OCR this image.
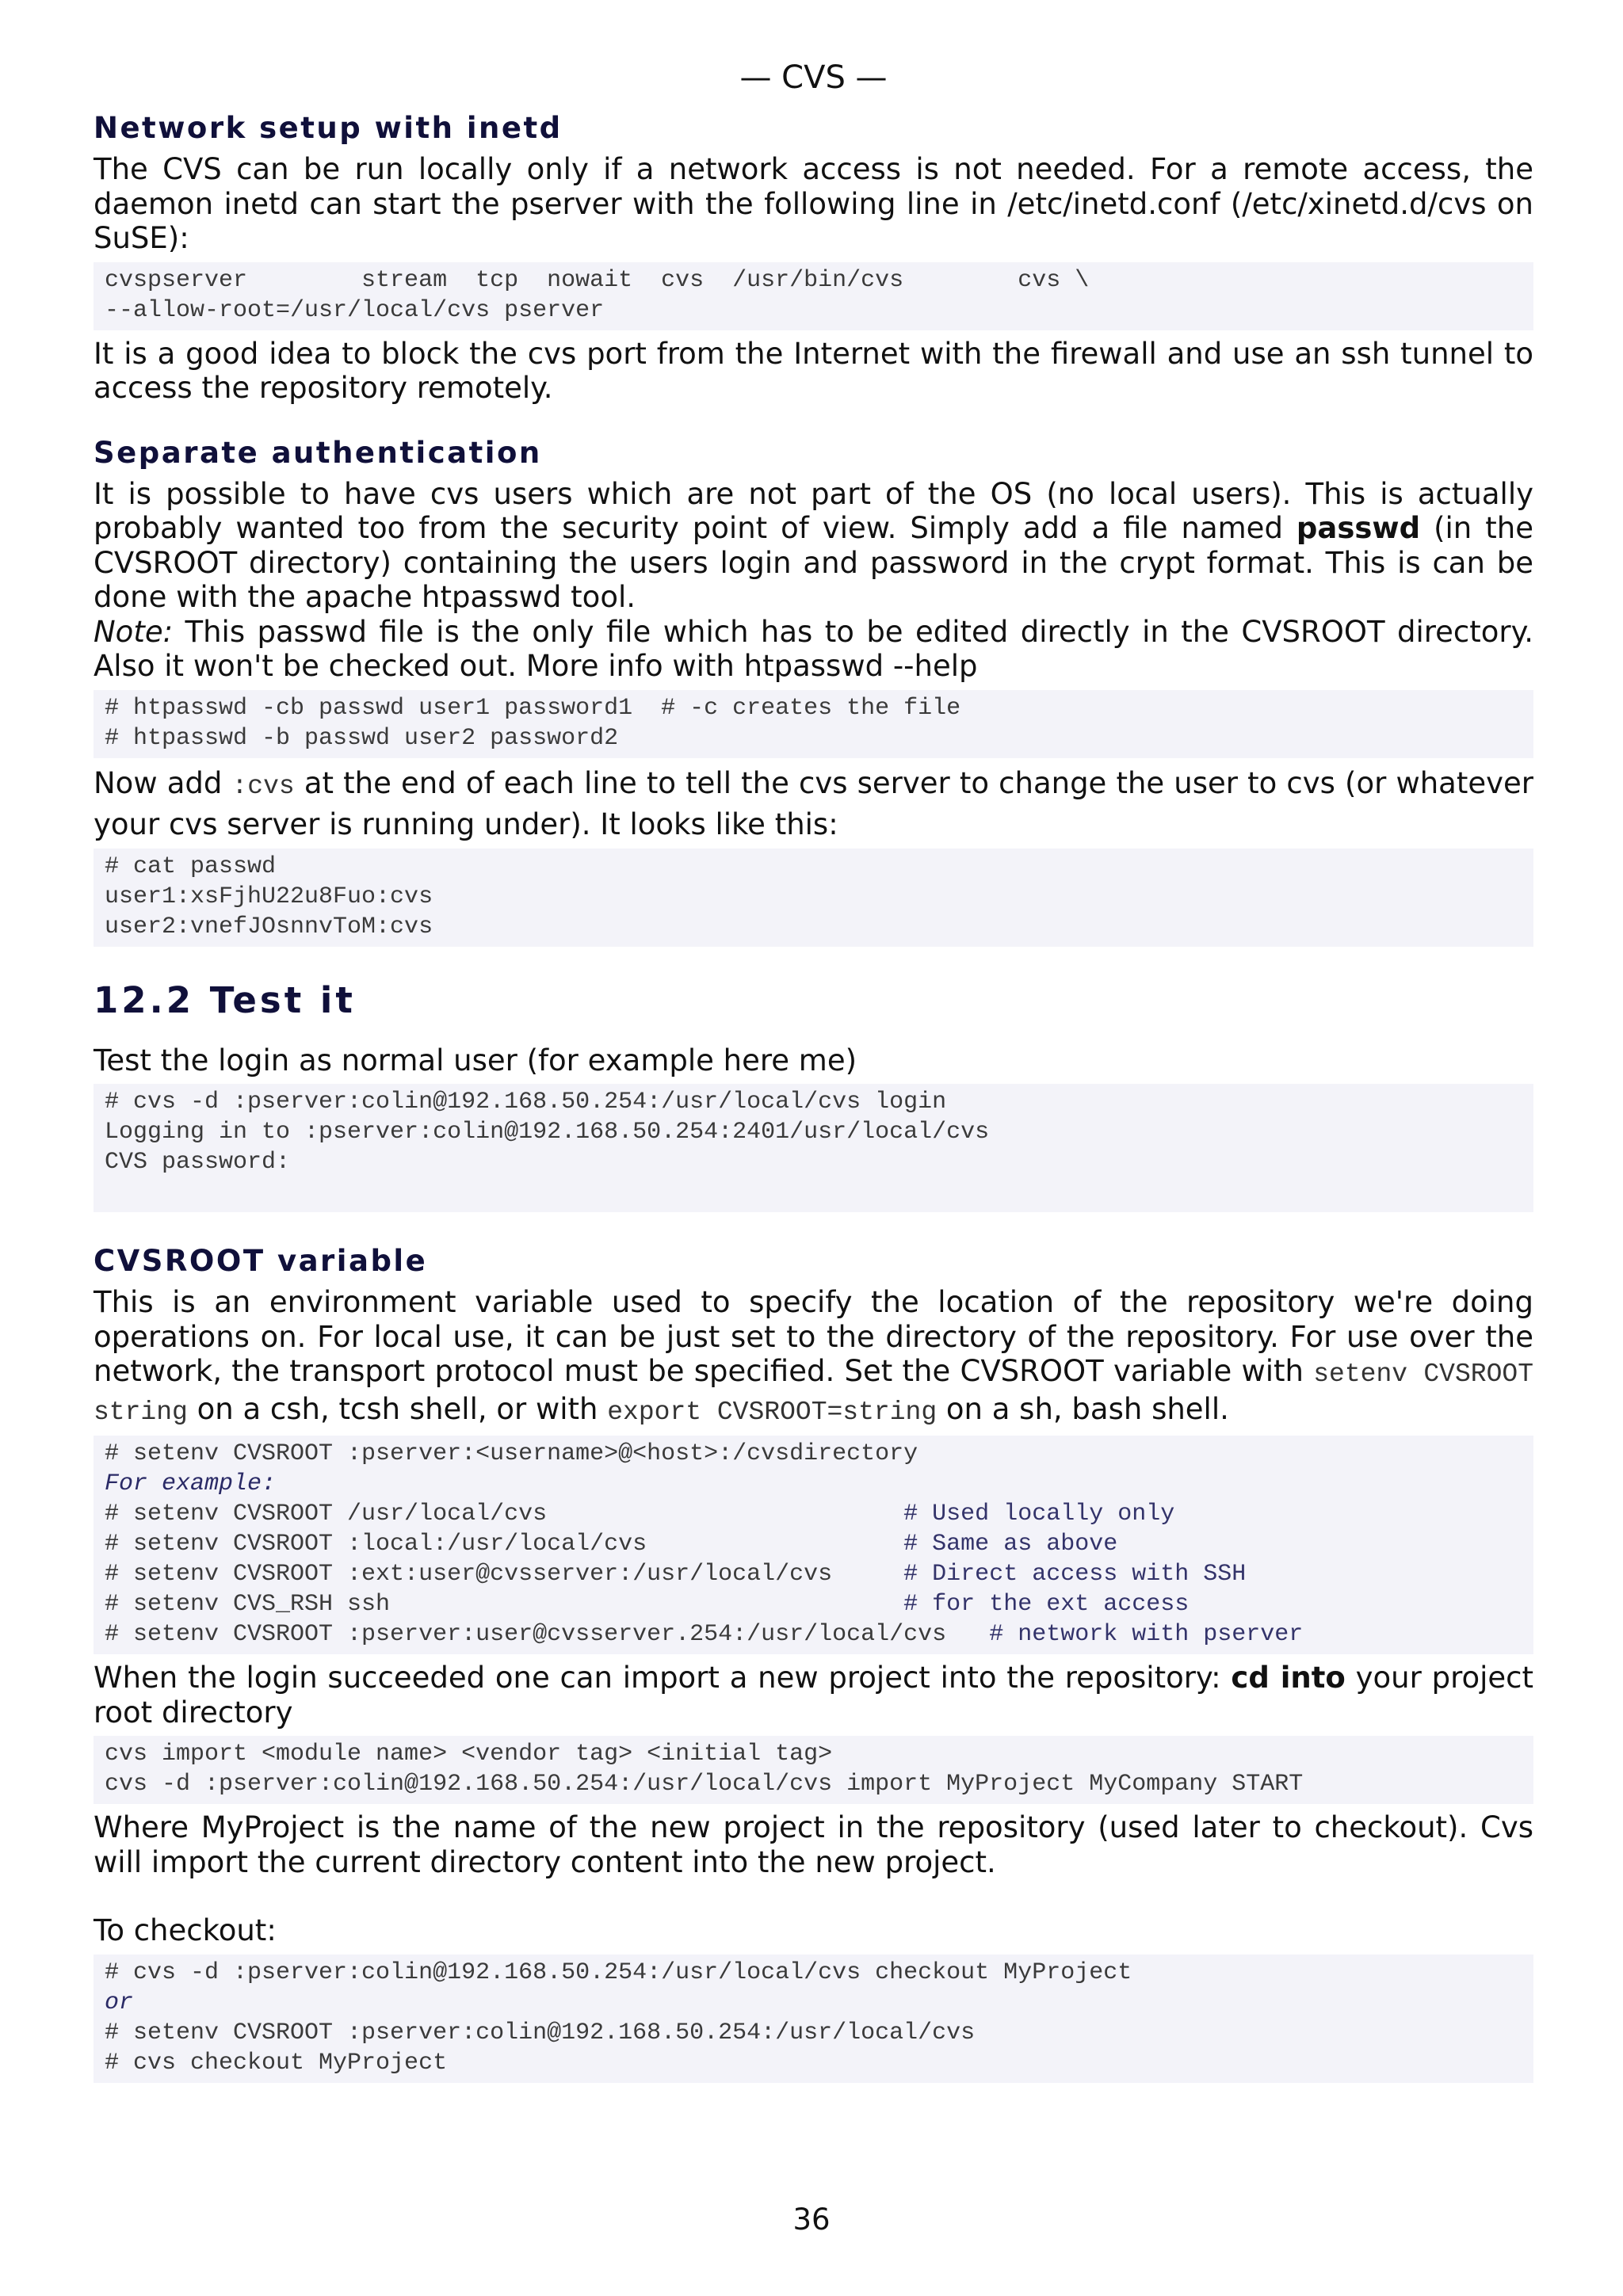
— CVS —
Network setup with inetd

The CVS can be run locally only if a network access is not needed. For a remote access, the daemon inetd can start the pserver with the following line in /etc/inetd.conf (/etc/xinetd.d/cvs on SuSE):

cvspserver        stream  tcp  nowait  cvs  /usr/bin/cvs        cvs \
--allow-root=/usr/local/cvs pserver

It is a good idea to block the cvs port from the Internet with the firewall and use an ssh tunnel to access the repository remotely.

Separate authentication

It is possible to have cvs users which are not part of the OS (no local users). This is actually probably wanted too from the security point of view. Simply add a file named passwd (in the CVSROOT directory) containing the users login and password in the crypt format. This is can be done with the apache htpasswd tool.
Note: This passwd file is the only file which has to be edited directly in the CVSROOT directory. Also it won't be checked out. More info with htpasswd --help

# htpasswd -cb passwd user1 password1  # -c creates the file
# htpasswd -b passwd user2 password2

Now add :cvs at the end of each line to tell the cvs server to change the user to cvs (or whatever your cvs server is running under). It looks like this:

# cat passwd
user1:xsFjhU22u8Fuo:cvs
user2:vnefJOsnnvToM:cvs
12.2 Test it

Test the login as normal user (for example here me)

# cvs -d :pserver:colin@192.168.50.254:/usr/local/cvs login
Logging in to :pserver:colin@192.168.50.254:2401/usr/local/cvs
CVS password:
CVSROOT variable

This is an environment variable used to specify the location of the repository we're doing operations on. For local use, it can be just set to the directory of the repository. For use over the network, the transport protocol must be specified. Set the CVSROOT variable with setenv CVSROOT string on a csh, tcsh shell, or with export CVSROOT=string on a sh, bash shell.

# setenv CVSROOT :pserver:<username>@<host>:/cvsdirectory
For example:
# setenv CVSROOT /usr/local/cvs                         # Used locally only
# setenv CVSROOT :local:/usr/local/cvs                  # Same as above
# setenv CVSROOT :ext:user@cvsserver:/usr/local/cvs     # Direct access with SSH
# setenv CVS_RSH ssh                                    # for the ext access
# setenv CVSROOT :pserver:user@cvsserver.254:/usr/local/cvs   # network with pserver

When the login succeeded one can import a new project into the repository: cd into your project root directory

cvs import <module name> <vendor tag> <initial tag>
cvs -d :pserver:colin@192.168.50.254:/usr/local/cvs import MyProject MyCompany START

Where MyProject is the name of the new project in the repository (used later to checkout). Cvs will import the current directory content into the new project.

To checkout:

# cvs -d :pserver:colin@192.168.50.254:/usr/local/cvs checkout MyProject
or
# setenv CVSROOT :pserver:colin@192.168.50.254:/usr/local/cvs
# cvs checkout MyProject
36
